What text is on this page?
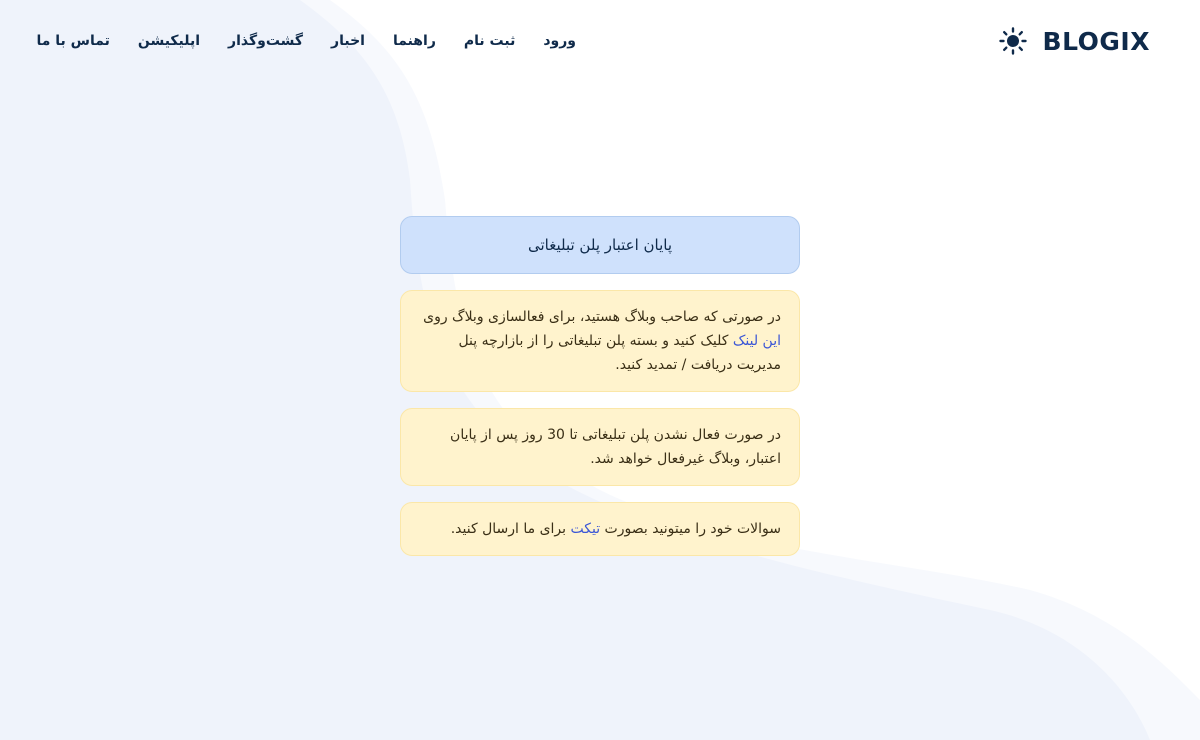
BLOGIX
ورود
ثبت نام
راهنما
اخبار
گشت‌وگذار
اپلیکیشن
تماس با ما
پایان اعتبار پلن تبلیغاتی
در صورتی که صاحب وبلاگ هستید، برای فعالسازی وبلاگ روی این لینک کلیک کنید و بسته پلن تبلیغاتی را از بازارچه پنل مدیریت دریافت / تمدید کنید.
در صورت فعال نشدن پلن تبلیغاتی تا 30 روز پس از پایان اعتبار، وبلاگ غیرفعال خواهد شد.
سوالات خود را میتونید بصورت تیکت برای ما ارسال کنید.
